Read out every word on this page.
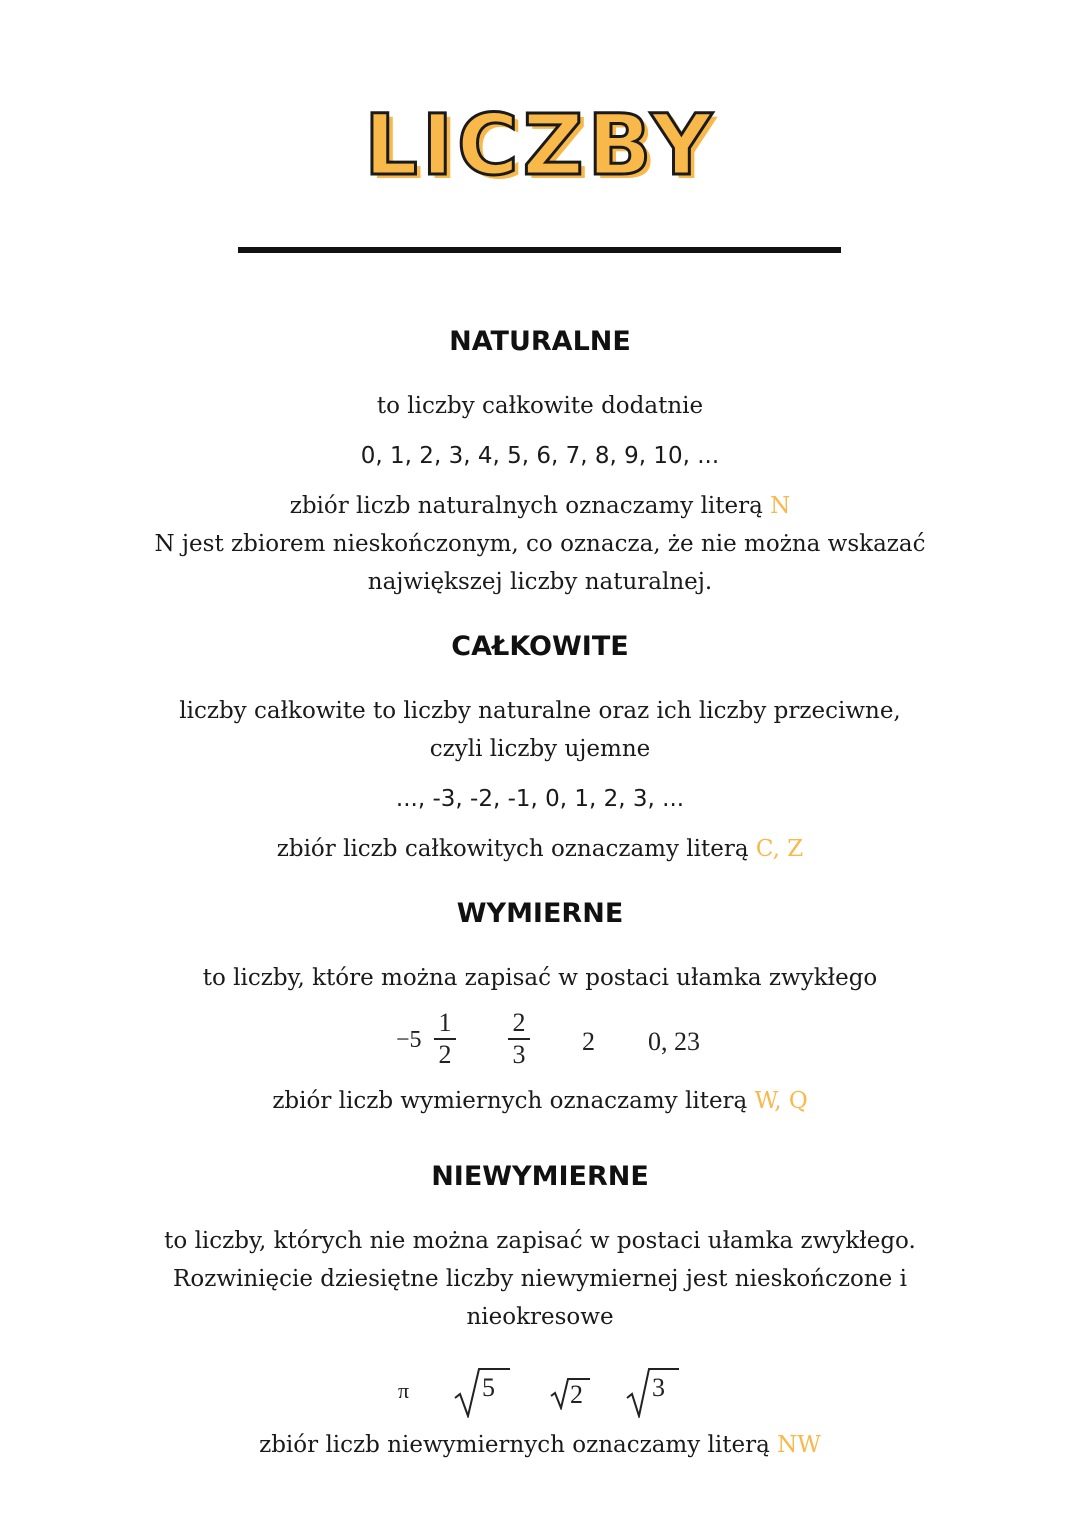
LICZBY
NATURALNE
to liczby całkowite dodatnie
0, 1, 2, 3, 4, 5, 6, 7, 8, 9, 10, ...
zbiór liczb naturalnych oznaczamy literą N
N jest zbiorem nieskończonym, co oznacza, że nie można wskazać
największej liczby naturalnej.
CAŁKOWITE
liczby całkowite to liczby naturalne oraz ich liczby przeciwne,
czyli liczby ujemne
..., -3, -2, -1, 0, 1, 2, 3, ...
zbiór liczb całkowitych oznaczamy literą C, Z
WYMIERNE
to liczby, które można zapisać w postaci ułamka zwykłego
−5
1
2
2
3 2 0, 23
zbiór liczb wymiernych oznaczamy literą W, Q
NIEWYMIERNE
to liczby, których nie można zapisać w postaci ułamka zwykłego.
Rozwinięcie dziesiętne liczby niewymiernej jest nieskończone i
nieokresowe
π	5	2	3
zbiór liczb niewymiernych oznaczamy literą NW
